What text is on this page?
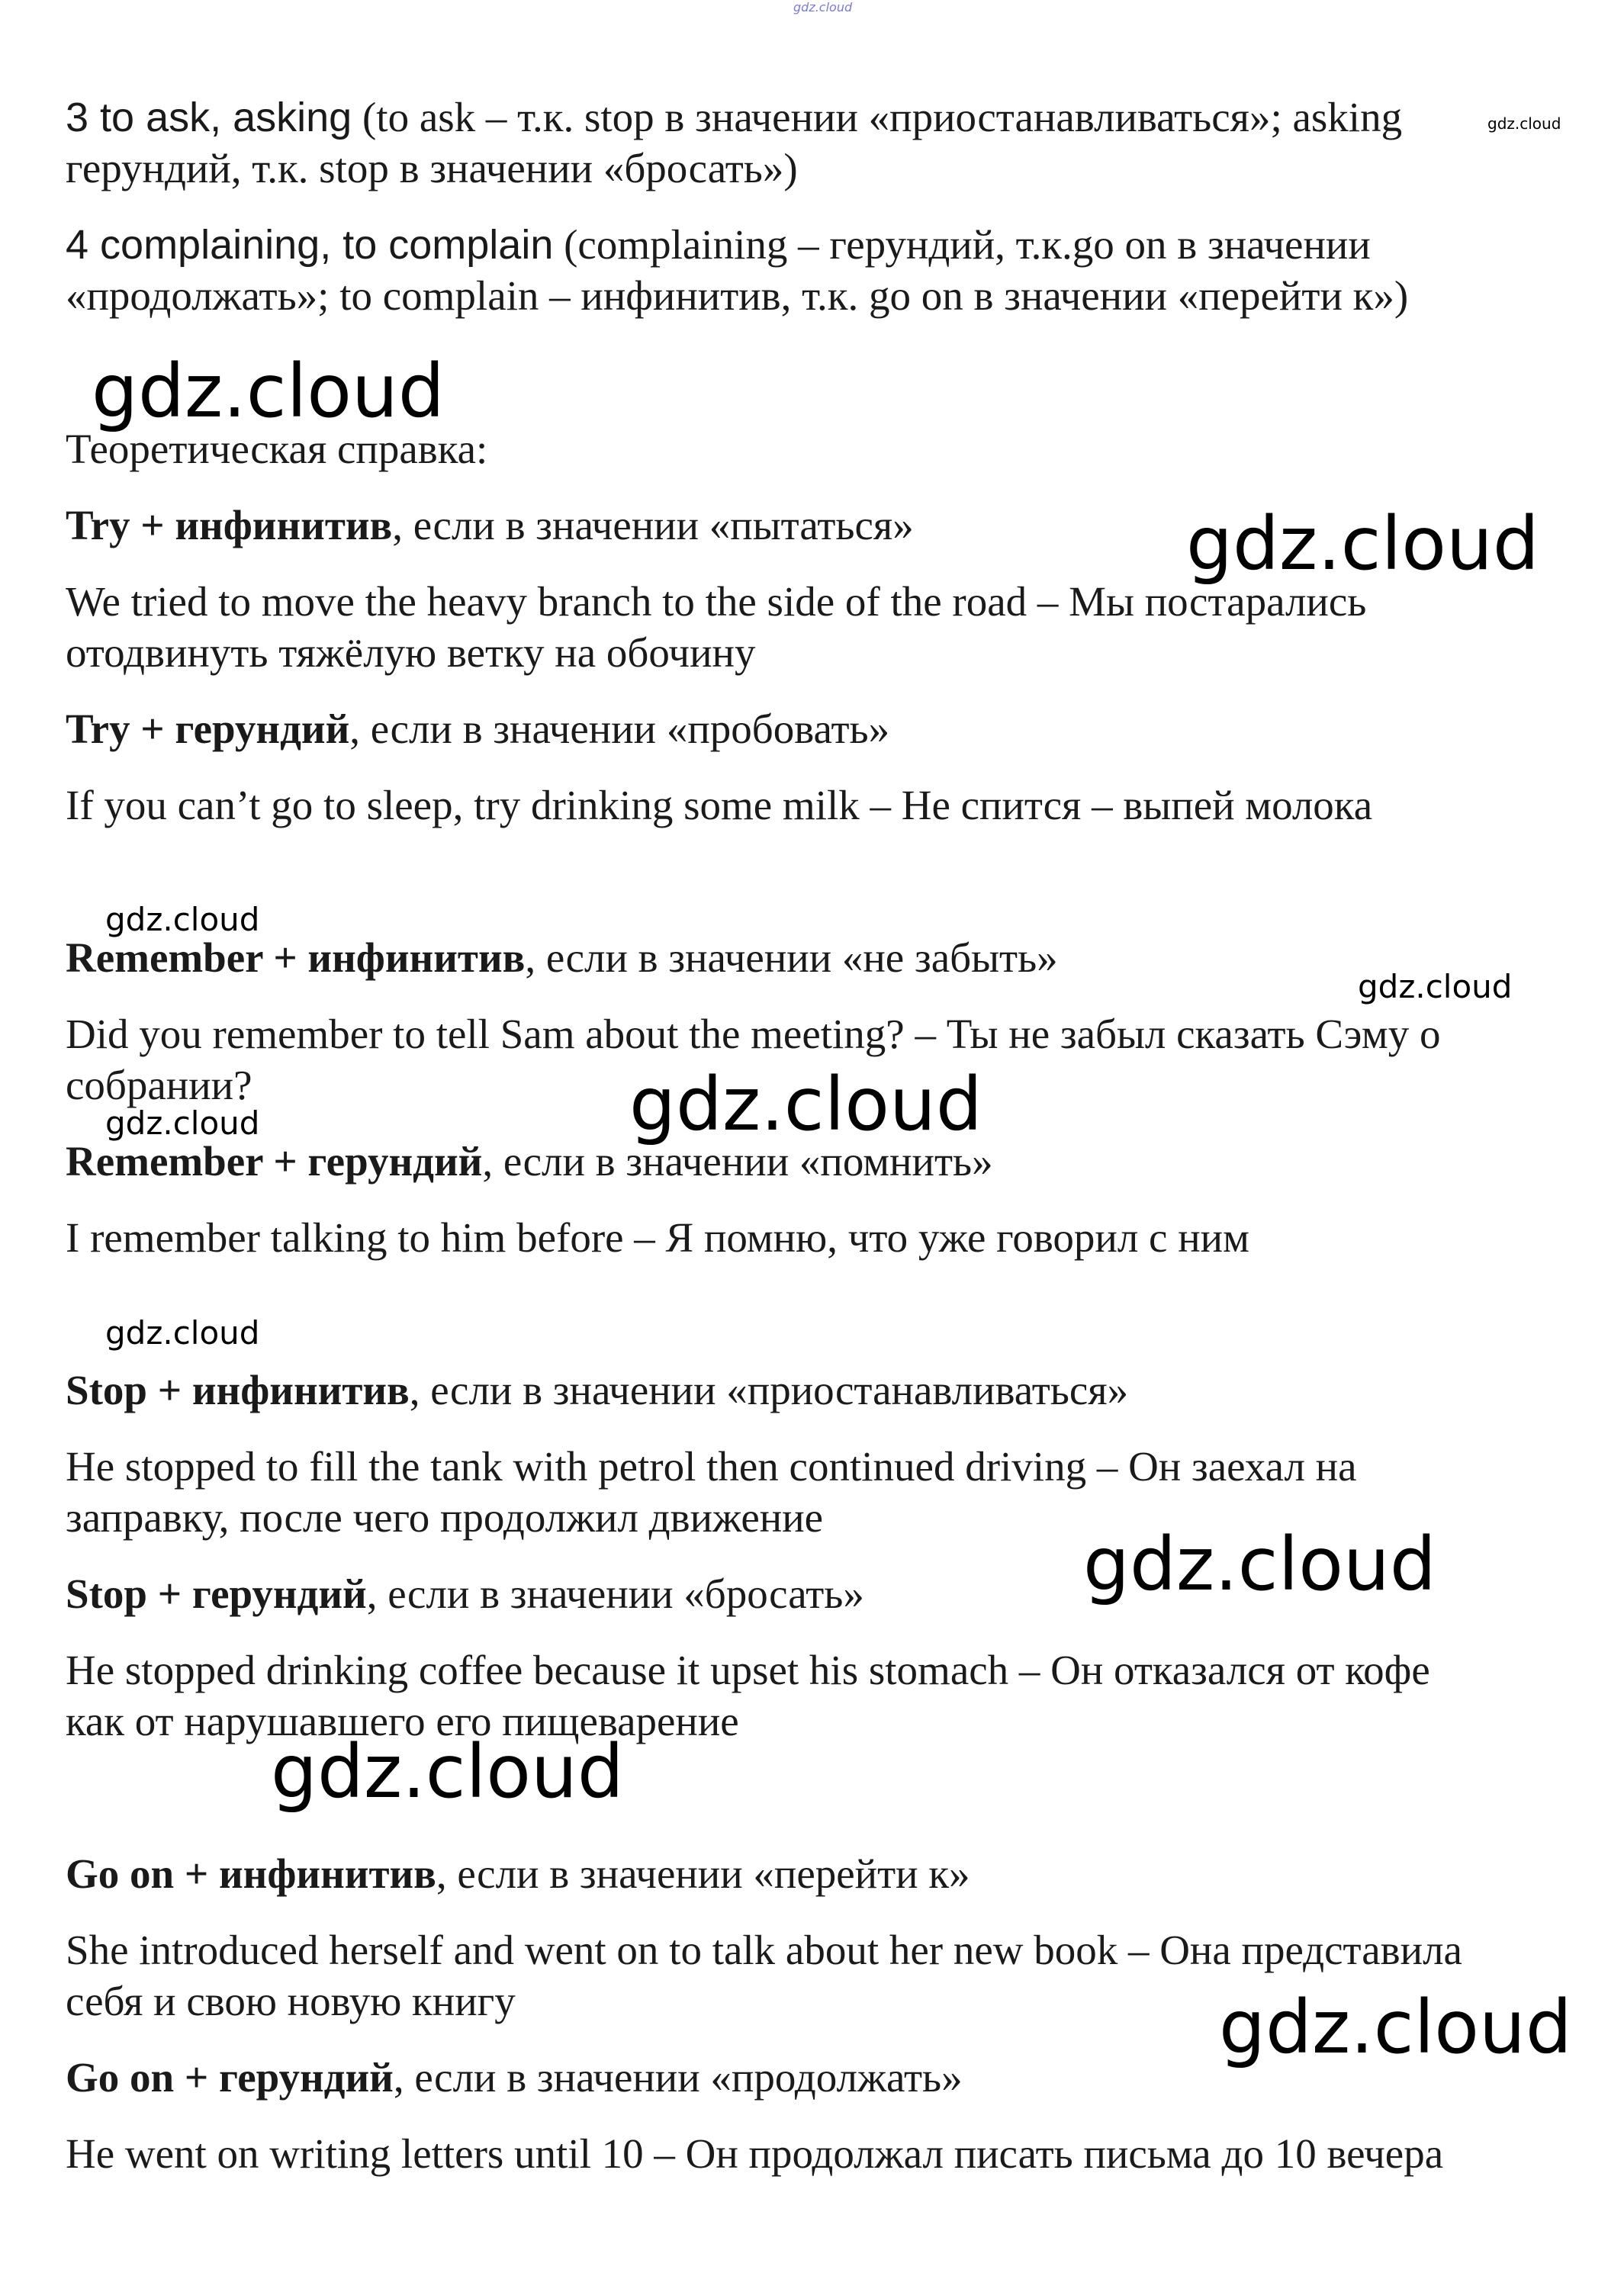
gdz.cloud

3 to ask, asking (to ask – т.к. stop в значении «приостанавливаться»; asking

герундий, т.к. stop в значении «бросать»)

4 complaining, to complain (complaining – герундий, т.к.go on в значении

«продолжать»; to complain – инфинитив, т.к. go on в значении «перейти к»)

Теоретическая справка:

Try + инфинитив, если в значении «пытаться»

We tried to move the heavy branch to the side of the road – Мы постарались

отодвинуть тяжёлую ветку на обочину

Try + герундий, если в значении «пробовать»

If you can’t go to sleep, try drinking some milk – Не спится – выпей молока

Remember + инфинитив, если в значении «не забыть»

Did you remember to tell Sam about the meeting? – Ты не забыл сказать Сэму о

собрании?

Remember + герундий, если в значении «помнить»

I remember talking to him before – Я помню, что уже говорил с ним

Stop + инфинитив, если в значении «приостанавливаться»

He stopped to fill the tank with petrol then continued driving – Он заехал на

заправку, после чего продолжил движение

Stop + герундий, если в значении «бросать»

He stopped drinking coffee because it upset his stomach – Он отказался от кофе

как от нарушавшего его пищеварение

Go on + инфинитив, если в значении «перейти к»

She introduced herself and went on to talk about her new book – Она представила

себя и свою новую книгу

Go on + герундий, если в значении «продолжать»

He went on writing letters until 10 – Он продолжал писать письма до 10 вечера

gdz.cloud
gdz.cloud
gdz.cloud
gdz.cloud
gdz.cloud
gdz.cloud
gdz.cloud
gdz.cloud
gdz.cloud
gdz.cloud
gdz.cloud
